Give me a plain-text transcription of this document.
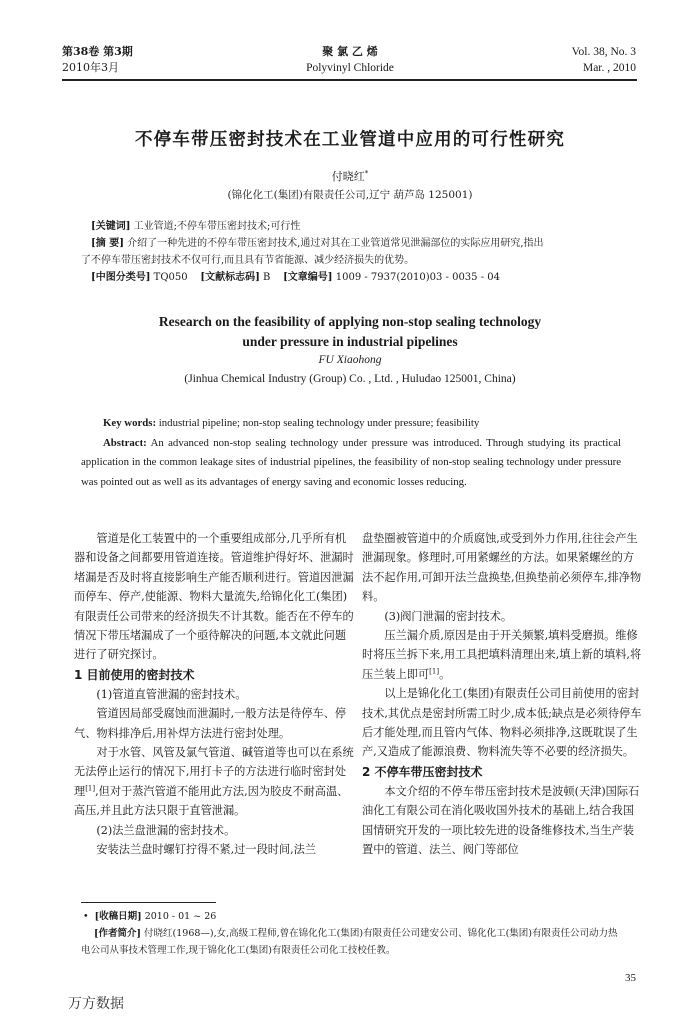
第38卷 第3期
2010年3月
聚 氯 乙 烯
Polyvinyl Chloride
Vol. 38, No. 3
Mar. , 2010
不停车带压密封技术在工业管道中应用的可行性研究
付晓红*
(锦化化工(集团)有限责任公司,辽宁 葫芦岛 125001)
[关键词] 工业管道;不停车带压密封技术;可行性
[摘 要] 介绍了一种先进的不停车带压密封技术,通过对其在工业管道常见泄漏部位的实际应用研究,指出
了不停车带压密封技术不仅可行,而且具有节省能源、减少经济损失的优势。
[中图分类号] TQ050 [文献标志码] B [文章编号] 1009 - 7937(2010)03 - 0035 - 04
Research on the feasibility of applying non-stop sealing technology
under pressure in industrial pipelines
FU Xiaohong
(Jinhua Chemical Industry (Group) Co. , Ltd. , Huludao 125001, China)
Key words: industrial pipeline; non-stop sealing technology under pressure; feasibility
Abstract: An advanced non-stop sealing technology under pressure was introduced. Through studying its practical application in the common leakage sites of industrial pipelines, the feasibility of non-stop sealing technology under pressure was pointed out as well as its advantages of energy saving and economic losses reducing.

管道是化工装置中的一个重要组成部分,几乎所有机器和设备之间都要用管道连接。管道维护得好坏、泄漏时堵漏是否及时将直接影响生产能否顺利进行。管道因泄漏而停车、停产,使能源、物料大量流失,给锦化化工(集团)有限责任公司带来的经济损失不计其数。能否在不停车的情况下带压堵漏成了一个亟待解决的问题,本文就此问题进行了研究探讨。

1 目前使用的密封技术

(1)管道直管泄漏的密封技术。

管道因局部受腐蚀而泄漏时,一般方法是待停车、停气、物料排净后,用补焊方法进行密封处理。

对于水管、风管及氯气管道、碱管道等也可以在系统无法停止运行的情况下,用打卡子的方法进行临时密封处理[1],但对于蒸汽管道不能用此方法,因为胶皮不耐高温、高压,并且此方法只限于直管泄漏。

(2)法兰盘泄漏的密封技术。

安装法兰盘时螺钉拧得不紧,过一段时间,法兰

盘垫圈被管道中的介质腐蚀,或受到外力作用,往往会产生泄漏现象。修理时,可用紧螺丝的方法。如果紧螺丝的方法不起作用,可卸开法兰盘换垫,但换垫前必须停车,排净物料。

(3)阀门泄漏的密封技术。

压兰漏介质,原因是由于开关频繁,填料受磨损。维修时将压兰拆下来,用工具把填料清理出来,填上新的填料,将压兰装上即可[1]。

以上是锦化化工(集团)有限责任公司目前使用的密封技术,其优点是密封所需工时少,成本低;缺点是必须待停车后才能处理,而且管内气体、物料必须排净,这既耽误了生产,又造成了能源浪费、物料流失等不必要的经济损失。

2 不停车带压密封技术

本文介绍的不停车带压密封技术是波顿(天津)国际石油化工有限公司在消化吸收国外技术的基础上,结合我国国情研究开发的一项比较先进的设备维修技术,当生产装置中的管道、法兰、阀门等部位

• [收稿日期] 2010 - 01 ~ 26
[作者简介] 付晓红(1968—),女,高级工程师,曾在锦化化工(集团)有限责任公司建安公司、锦化化工(集团)有限责任公司动力热电公司从事技术管理工作,现于锦化化工(集团)有限责任公司化工技校任教。
35
万方数据
